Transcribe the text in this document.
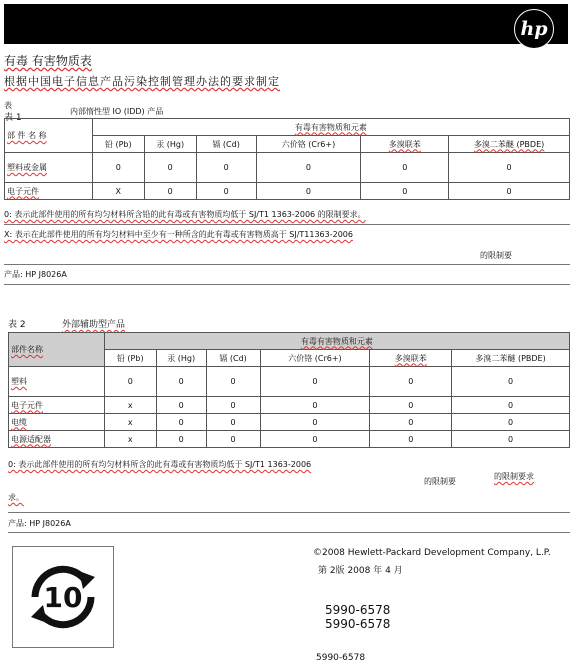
hp
有毒 有害物质表
根据中国电子信息产品污染控制管理办法的要求制定
表
表 1
内部惰性型 IO (IDD) 产品
部 件 名 称	有毒有害物质和元素					
	铅 (Pb)	汞 (Hg)	镉 (Cd)	六价铬 (Cr6+)	多溴联苯	多溴二苯醚 (PBDE)
塑料或金属	0	0	0	0	0	0
电子元件	X	0	0	0	0	0
0: 表示此部件使用的所有均匀材料所含铅的此有毒或有害物质均低于 SJ/T1 1363-2006 的限制要求。
X: 表示在此部件使用的所有均匀材料中至少有一种所含的此有毒或有害物质高于 SJ/T11363-2006
的限制要
产品: HP J8026A
表 2	外部辅助型产品
部件名称	有毒有害物质和元素					
	铅 (Pb)	汞 (Hg)	镉 (Cd)	六价铬 (Cr6+)	多溴联苯	多溴二苯醚 (PBDE)
塑料	0	0	0	0	0	0
电子元件	x	0	0	0	0	0
电缆	x	0	0	0	0	0
电源适配器	x	0	0	0	0	0
0: 表示此部件使用的所有均匀材料所含的此有毒或有害物质均低于 SJ/T1 1363-2006
的限制要求
的限制要
求。
产品: HP J8026A
10
©2008 Hewlett-Packard Development Company, L.P.
第 2版 2008 年 4 月
5990-6578
5990-6578
5990-6578
